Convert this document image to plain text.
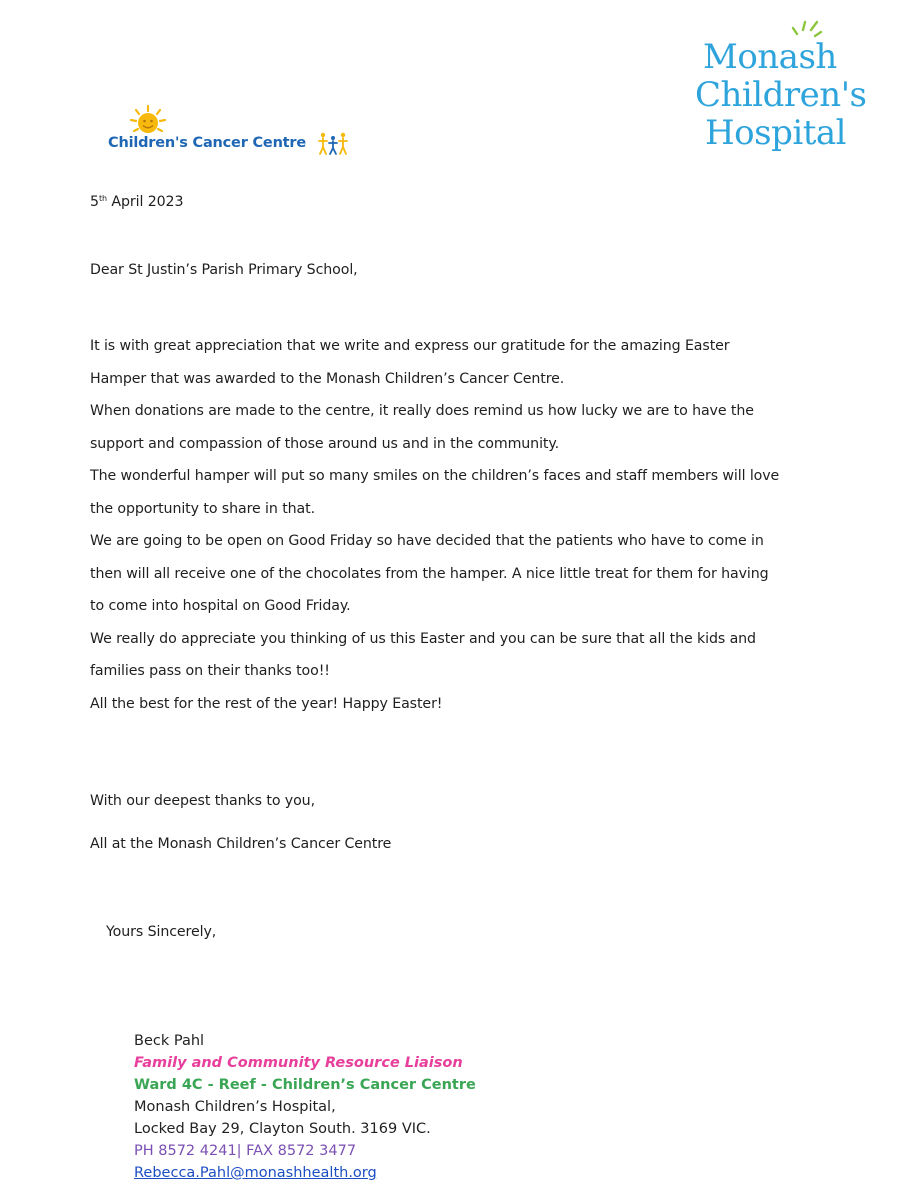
Children's Cancer Centre
Monash
Children's
Hospital
5th April 2023
Dear St Justin’s Parish Primary School,
It is with great appreciation that we write and express our gratitude for the amazing Easter
Hamper that was awarded to the Monash Children’s Cancer Centre.
When donations are made to the centre, it really does remind us how lucky we are to have the
support and compassion of those around us and in the community.
The wonderful hamper will put so many smiles on the children’s faces and staff members will love
the opportunity to share in that.
We are going to be open on Good Friday so have decided that the patients who have to come in
then will all receive one of the chocolates from the hamper. A nice little treat for them for having
to come into hospital on Good Friday.
We really do appreciate you thinking of us this Easter and you can be sure that all the kids and
families pass on their thanks too!!
All the best for the rest of the year! Happy Easter!
With our deepest thanks to you,
All at the Monash Children’s Cancer Centre
Yours Sincerely,
Beck Pahl
Family and Community Resource Liaison
Ward 4C - Reef - Children’s Cancer Centre
Monash Children’s Hospital,
Locked Bay 29, Clayton South. 3169 VIC.
PH 8572 4241| FAX 8572 3477
Rebecca.Pahl@monashhealth.org
